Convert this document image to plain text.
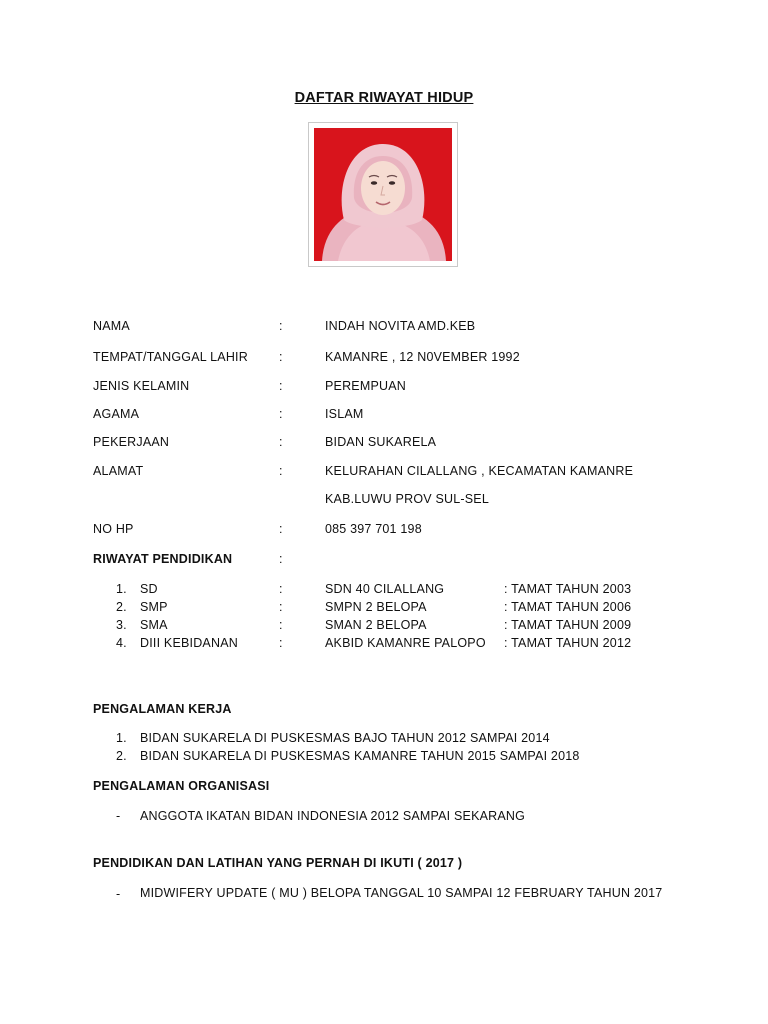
DAFTAR RIWAYAT HIDUP
NAMA	:	INDAH NOVITA AMD.KEB
TEMPAT/TANGGAL LAHIR :	KAMANRE , 12 N0VEMBER 1992
JENIS KELAMIN	:	PEREMPUAN
AGAMA	:	ISLAM
PEKERJAAN	:	BIDAN SUKARELA
ALAMAT	:	KELURAHAN CILALLANG , KECAMATAN KAMANRE
KAB.LUWU PROV SUL-SEL
NO HP	:	085 397 701 198
RIWAYAT PENDIDIKAN	:
1. SD	:	SDN 40 CILALLANG	: TAMAT TAHUN 2003
2. SMP	:	SMPN 2 BELOPA	: TAMAT TAHUN 2006
3. SMA	:	SMAN 2 BELOPA	: TAMAT TAHUN 2009
4. DIII KEBIDANAN	:	AKBID KAMANRE PALOPO : TAMAT TAHUN 2012
PENGALAMAN KERJA
1. BIDAN SUKARELA DI PUSKESMAS BAJO TAHUN 2012 SAMPAI 2014
2. BIDAN SUKARELA DI PUSKESMAS KAMANRE TAHUN 2015 SAMPAI 2018
PENGALAMAN ORGANISASI
- ANGGOTA IKATAN BIDAN INDONESIA 2012 SAMPAI SEKARANG
PENDIDIKAN DAN LATIHAN YANG PERNAH DI IKUTI ( 2017 )
- MIDWIFERY UPDATE ( MU ) BELOPA TANGGAL 10 SAMPAI 12 FEBRUARY TAHUN 2017
